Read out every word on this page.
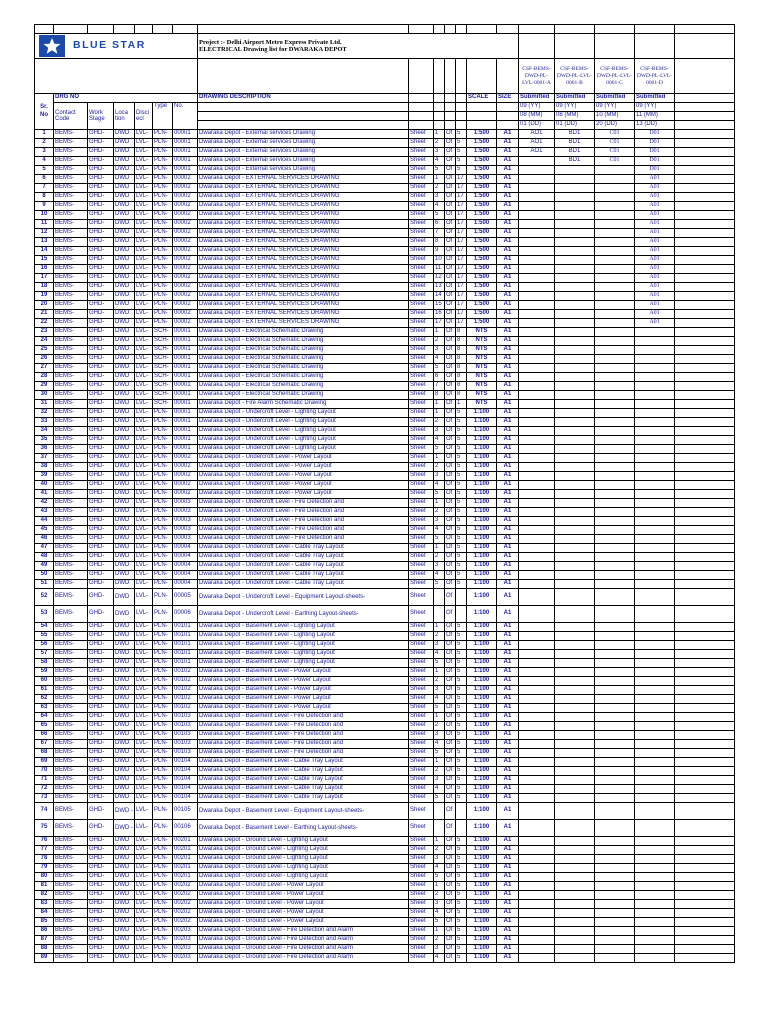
BLUE STAR							Project :- Delhi Airport Metro Express Private Ltd.
ELECTRICAL Drawing list for DWARAKA DEPOT											

														CSF-BEMS-DWD-PL-LVL-0001-A	CSF-BEMS-DWD-PL-LVL-0001-B	CSF-BEMS-DWD-PL-LVL-0001-C	CSF-BEMS-DWD-PL-LVL-0001-D	
Sr. No	DRG NO						DRAWING DESCRIPTION					SCALE	SIZE	Submitted	Submitted	Submitted	Submitted	
	Contact Code	Work Stage	Loca tion	Disci ecl	Type	No.								09 (YY)	09 (YY)	09 (YY)	09 (YY)	
														08 (MM)	08 (MM)	10 (MM)	11 (MM)	
														01 (DD)	01 (DD)	20 (DD)	13 (DD)	
1	BEMS-	GHD-	DWD	LVL-	PLN-	00001	Dwaraka Depot - External services Drawing	Sheet	1	Of	5	1:500	A1	AO1	BD1	C01	D01	
2	BEMS-	GHD-	DWD	LVL-	PLN-	00001	Dwaraka Depot - External services Drawing	Sheet	2	Of	5	1:500	A1	AO1	BD1	C01	D01	
3	BEMS-	GHD-	DWD	LVL-	PLN-	00001	Dwaraka Depot - External services Drawing	Sheet	3	Of	5	1:500	A1	AO1	BD1	C01	D01	
4	BEMS-	GHD-	DWD	LVL-	PLN-	00001	Dwaraka Depot - External services Drawing	Sheet	4	Of	5	1:500	A1		BD1	C01	D01	
5	BEMS-	GHD-	DWD	LVL-	PLN-	00001	Dwaraka Depot - External services Drawing	Sheet	5	Of	5	1:500	A1				D01	
6	BEMS-	GHD-	DWD	LVL-	PLN-	00002	Dwaraka Depot - EXTERNAL SERVICES DRAWING	Sheet	1	Of	17	1:500	A1				A01	
7	BEMS-	GHD-	DWD	LVL-	PLN-	00002	Dwaraka Depot - EXTERNAL SERVICES DRAWING	Sheet	2	Of	17	1:500	A1				A01	
8	BEMS-	GHD-	DWD	LVL-	PLN-	00002	Dwaraka Depot - EXTERNAL SERVICES DRAWING	Sheet	3	Of	17	1:500	A1				A01	
9	BEMS-	GHD-	DWD	LVL-	PLN-	00002	Dwaraka Depot - EXTERNAL SERVICES DRAWING	Sheet	4	Of	17	1:500	A1				A01	
10	BEMS-	GHD-	DWD	LVL-	PLN-	00002	Dwaraka Depot - EXTERNAL SERVICES DRAWING	Sheet	5	Of	17	1:500	A1				A01	
11	BEMS-	GHD-	DWD	LVL-	PLN-	00002	Dwaraka Depot - EXTERNAL SERVICES DRAWING	Sheet	6	Of	17	1:500	A1				A01	
12	BEMS-	GHD-	DWD	LVL-	PLN-	00002	Dwaraka Depot - EXTERNAL SERVICES DRAWING	Sheet	7	Of	17	1:500	A1				A01	
13	BEMS-	GHD-	DWD	LVL-	PLN-	00002	Dwaraka Depot - EXTERNAL SERVICES DRAWING	Sheet	8	Of	17	1:500	A1				A01	
14	BEMS-	GHD-	DWD	LVL-	PLN-	00002	Dwaraka Depot - EXTERNAL SERVICES DRAWING	Sheet	9	Of	17	1:500	A1				A01	
15	BEMS-	GHD-	DWD	LVL-	PLN-	00002	Dwaraka Depot - EXTERNAL SERVICES DRAWING	Sheet	10	Of	17	1:500	A1				A01	
16	BEMS-	GHD-	DWD	LVL-	PLN-	00002	Dwaraka Depot - EXTERNAL SERVICES DRAWING	Sheet	11	Of	17	1:500	A1				A01	
17	BEMS-	GHD-	DWD	LVL-	PLN-	00002	Dwaraka Depot - EXTERNAL SERVICES DRAWING	Sheet	12	Of	17	1:500	A1				A01	
18	BEMS-	GHD-	DWD	LVL-	PLN-	00002	Dwaraka Depot - EXTERNAL SERVICES DRAWING	Sheet	13	Of	17	1:500	A1				A01	
19	BEMS-	GHD-	DWD	LVL-	PLN-	00002	Dwaraka Depot - EXTERNAL SERVICES DRAWING	Sheet	14	Of	17	1:500	A1				A01	
20	BEMS-	GHD-	DWD	LVL-	PLN-	00002	Dwaraka Depot - EXTERNAL SERVICES DRAWING	Sheet	15	Of	17	1:500	A1				A01	
21	BEMS-	GHD-	DWD	LVL-	PLN-	00002	Dwaraka Depot - EXTERNAL SERVICES DRAWING	Sheet	16	Of	17	1:500	A1				A01	
22	BEMS-	GHD-	DWD	LVL-	PLN-	00002	Dwaraka Depot - EXTERNAL SERVICES DRAWING	Sheet	17	Of	17	1:500	A1				A01	
23	BEMS-	GHD-	DWD	LVL-	SCH-	00001	Dwaraka Depot - Electrical Schematic Drawing	Sheet	1	Of	8	NTS	A1					
24	BEMS-	GHD-	DWD	LVL-	SCH-	00001	Dwaraka Depot - Electrical Schematic Drawing	Sheet	2	Of	8	NTS	A1					
25	BEMS-	GHD-	DWD	LVL-	SCH-	00001	Dwaraka Depot - Electrical Schematic Drawing	Sheet	3	Of	8	NTS	A1					
26	BEMS-	GHD-	DWD	LVL-	SCH-	00001	Dwaraka Depot - Electrical Schematic Drawing	Sheet	4	Of	8	NTS	A1					
27	BEMS-	GHD-	DWD	LVL-	SCH-	00001	Dwaraka Depot - Electrical Schematic Drawing	Sheet	5	Of	8	NTS	A1					
28	BEMS-	GHD-	DWD	LVL-	SCH-	00001	Dwaraka Depot - Electrical Schematic Drawing	Sheet	6	Of	8	NTS	A1					
29	BEMS-	GHD-	DWD	LVL-	SCH-	00001	Dwaraka Depot - Electrical Schematic Drawing	Sheet	7	Of	8	NTS	A1					
30	BEMS-	GHD-	DWD	LVL-	SCH-	00001	Dwaraka Depot - Electrical Schematic Drawing	Sheet	8	Of	8	NTS	A1					
31	BEMS-	GHD-	DWD	LVL-	SCH-	00001	Dwaraka Depot - Fire Alarm Schematic Drawing	Sheet	1	Of	1	NTS	A1					
32	BEMS-	GHD-	DWD	LVL-	PLN-	00001	Dwaraka Depot - Undercroft Level - Lighting Layout	Sheet	1	Of	5	1:100	A1					
33	BEMS-	GHD-	DWD	LVL-	PLN-	00001	Dwaraka Depot - Undercroft Level - Lighting Layout	Sheet	2	Of	5	1:100	A1					
34	BEMS-	GHD-	DWD	LVL-	PLN-	00001	Dwaraka Depot - Undercroft Level - Lighting Layout	Sheet	3	Of	5	1:100	A1					
35	BEMS-	GHD-	DWD	LVL-	PLN-	00001	Dwaraka Depot - Undercroft Level - Lighting Layout	Sheet	4	Of	5	1:100	A1					
36	BEMS-	GHD-	DWD	LVL-	PLN-	00001	Dwaraka Depot - Undercroft Level - Lighting Layout	Sheet	5	Of	5	1:100	A1					
37	BEMS-	GHD-	DWD	LVL-	PLN-	00002	Dwaraka Depot - Undercroft Level - Power Layout	Sheet	1	Of	5	1:100	A1					
38	BEMS-	GHD-	DWD	LVL-	PLN-	00002	Dwaraka Depot - Undercroft Level - Power Layout	Sheet	2	Of	5	1:100	A1					
39	BEMS-	GHD-	DWD	LVL-	PLN-	00002	Dwaraka Depot - Undercroft Level - Power Layout	Sheet	3	Of	5	1:100	A1					
40	BEMS-	GHD-	DWD	LVL-	PLN-	00002	Dwaraka Depot - Undercroft Level - Power Layout	Sheet	4	Of	5	1:100	A1					
41	BEMS-	GHD-	DWD	LVL-	PLN-	00002	Dwaraka Depot - Undercroft Level - Power Layout	Sheet	5	Of	5	1:100	A1					
42	BEMS-	GHD-	DWD	LVL-	PLN-	00003	Dwaraka Depot - Undercroft Level - Fire Detection and	Sheet	1	Of	5	1:100	A1					
43	BEMS-	GHD-	DWD	LVL-	PLN-	00003	Dwaraka Depot - Undercroft Level - Fire Detection and	Sheet	2	Of	5	1:100	A1					
44	BEMS-	GHD-	DWD	LVL-	PLN-	00003	Dwaraka Depot - Undercroft Level - Fire Detection and	Sheet	3	Of	5	1:100	A1					
45	BEMS-	GHD-	DWD	LVL-	PLN-	00003	Dwaraka Depot - Undercroft Level - Fire Detection and	Sheet	4	Of	5	1:100	A1					
46	BEMS-	GHD-	DWD	LVL-	PLN-	00003	Dwaraka Depot - Undercroft Level - Fire Detection and	Sheet	5	Of	5	1:100	A1					
47	BEMS-	GHD-	DWD	LVL-	PLN-	00004	Dwaraka Depot - Undercroft Level - Cable Tray Layout	Sheet	1	Of	5	1:100	A1					
48	BEMS-	GHD-	DWD	LVL-	PLN-	00004	Dwaraka Depot - Undercroft Level - Cable Tray Layout	Sheet	2	Of	5	1:100	A1					
49	BEMS-	GHD-	DWD	LVL-	PLN-	00004	Dwaraka Depot - Undercroft Level - Cable Tray Layout	Sheet	3	Of	5	1:100	A1					
50	BEMS-	GHD-	DWD	LVL-	PLN-	00004	Dwaraka Depot - Undercroft Level - Cable Tray Layout	Sheet	4	Of	5	1:100	A1					
51	BEMS-	GHD-	DWD	LVL-	PLN-	00004	Dwaraka Depot - Undercroft Level - Cable Tray Layout	Sheet	5	Of	5	1:100	A1					
52	BEMS-	GHD-	DWD	LVL-	PLN-	00005	Dwaraka Depot - Undercroft Level - Equipment Layout-sheets-	Sheet		Of		1:100	A1					
53	BEMS-	GHD-	DWD	LVL-	PLN-	00006	Dwaraka Depot - Undercroft Level - Earthing Layout-sheets-	Sheet		Of		1:100	A1					
54	BEMS-	GHD-	DWD	LVL-	PLN-	00101	Dwaraka Depot - Basement Level - Lighting Layout	Sheet	1	Of	5	1:100	A1					
55	BEMS-	GHD-	DWD	LVL-	PLN-	00101	Dwaraka Depot - Basement Level - Lighting Layout	Sheet	2	Of	5	1:100	A1					
56	BEMS-	GHD-	DWD	LVL-	PLN-	00101	Dwaraka Depot - Basement Level - Lighting Layout	Sheet	3	Of	5	1:100	A1					
57	BEMS-	GHD-	DWD	LVL-	PLN-	00101	Dwaraka Depot - Basement Level - Lighting Layout	Sheet	4	Of	5	1:100	A1					
58	BEMS-	GHD-	DWD	LVL-	PLN-	00101	Dwaraka Depot - Basement Level - Lighting Layout	Sheet	5	Of	5	1:100	A1					
59	BEMS-	GHD-	DWD	LVL-	PLN-	00102	Dwaraka Depot - Basement Level - Power Layout	Sheet	1	Of	5	1:100	A1					
60	BEMS-	GHD-	DWD	LVL-	PLN-	00102	Dwaraka Depot - Basement Level - Power Layout	Sheet	2	Of	5	1:100	A1					
61	BEMS-	GHD-	DWD	LVL-	PLN-	00102	Dwaraka Depot - Basement Level - Power Layout	Sheet	3	Of	5	1:100	A1					
62	BEMS-	GHD-	DWD	LVL-	PLN-	00102	Dwaraka Depot - Basement Level - Power Layout	Sheet	4	Of	5	1:100	A1					
63	BEMS-	GHD-	DWD	LVL-	PLN-	00102	Dwaraka Depot - Basement Level - Power Layout	Sheet	5	Of	5	1:100	A1					
64	BEMS-	GHD-	DWD	LVL-	PLN-	00103	Dwaraka Depot - Basement Level - Fire Detection and	Sheet	1	Of	5	1:100	A1					
65	BEMS-	GHD-	DWD	LVL-	PLN-	00103	Dwaraka Depot - Basement Level - Fire Detection and	Sheet	2	Of	5	1:100	A1					
66	BEMS-	GHD-	DWD	LVL-	PLN-	00103	Dwaraka Depot - Basement Level - Fire Detection and	Sheet	3	Of	5	1:100	A1					
67	BEMS-	GHD-	DWD	LVL-	PLN-	00103	Dwaraka Depot - Basement Level - Fire Detection and	Sheet	4	Of	5	1:100	A1					
68	BEMS-	GHD-	DWD	LVL-	PLN-	00103	Dwaraka Depot - Basement Level - Fire Detection and	Sheet	5	Of	5	1:100	A1					
69	BEMS-	GHD-	DWD	LVL-	PLN-	00104	Dwaraka Depot - Basement Level - Cable Tray Layout	Sheet	1	Of	5	1:100	A1					
70	BEMS-	GHD-	DWD	LVL-	PLN-	00104	Dwaraka Depot - Basement Level - Cable Tray Layout	Sheet	2	Of	5	1:100	A1					
71	BEMS-	GHD-	DWD	LVL-	PLN-	00104	Dwaraka Depot - Basement Level - Cable Tray Layout	Sheet	3	Of	5	1:100	A1					
72	BEMS-	GHD-	DWD	LVL-	PLN-	00104	Dwaraka Depot - Basement Level - Cable Tray Layout	Sheet	4	Of	5	1:100	A1					
73	BEMS-	GHD-	DWD	LVL-	PLN-	00104	Dwaraka Depot - Basement Level - Cable Tray Layout	Sheet	5	Of	5	1:100	A1					
74	BEMS-	GHD-	DWD -	LVL-	PLN-	00105	Dwaraka Depot - Basement Level - Equipment Layout-sheets-	Sheet		Of		1:100	A1					
75	BEMS-	GHD-	DWD -	LVL-	PLN-	00106	Dwaraka Depot - Basement Level - Earthing Layout-sheets-	Sheet		Of		1:100	A1					
76	BEMS-	GHD-	DWD	LVL-	PLN-	00201	Dwaraka Depot - Ground Level - Lighting Layout	Sheet	1	Of	5	1:100	A1					
77	BEMS-	GHD-	DWD	LVL-	PLN-	00201	Dwaraka Depot - Ground Level - Lighting Layout	Sheet	2	Of	5	1:100	A1					
78	BEMS-	GHD-	DWD	LVL-	PLN-	00201	Dwaraka Depot - Ground Level - Lighting Layout	Sheet	3	Of	5	1:100	A1					
79	BEMS-	GHD-	DWD	LVL-	PLN-	00201	Dwaraka Depot - Ground Level - Lighting Layout	Sheet	4	Of	5	1:100	A1					
80	BEMS-	GHD-	DWD	LVL-	PLN-	00201	Dwaraka Depot - Ground Level - Lighting Layout	Sheet	5	Of	5	1:100	A1					
81	BEMS-	GHD-	DWD	LVL-	PLN-	00202	Dwaraka Depot - Ground Level - Power Layout	Sheet	1	Of	5	1:100	A1					
82	BEMS-	GHD-	DWD	LVL-	PLN-	00202	Dwaraka Depot - Ground Level - Power Layout	Sheet	2	Of	5	1:100	A1					
83	BEMS-	GHD-	DWD	LVL-	PLN-	00202	Dwaraka Depot - Ground Level - Power Layout	Sheet	3	Of	5	1:100	A1					
84	BEMS-	GHD-	DWD	LVL-	PLN-	00202	Dwaraka Depot - Ground Level - Power Layout	Sheet	4	Of	5	1:100	A1					
85	BEMS-	GHD-	DWD	LVL-	PLN-	00202	Dwaraka Depot - Ground Level - Power Layout	Sheet	5	Of	5	1:100	A1					
86	BEMS-	GHD-	DWD	LVL-	PLN-	00203	Dwaraka Depot - Ground Level - Fire Detection and Alarm	Sheet	1	Of	5	1:100	A1					
87	BEMS-	GHD-	DWD	LVL-	PLN-	00203	Dwaraka Depot - Ground Level - Fire Detection and Alarm	Sheet	2	Of	5	1:100	A1					
88	BEMS-	GHD-	DWD	LVL-	PLN-	00203	Dwaraka Depot - Ground Level - Fire Detection and Alarm	Sheet	3	Of	5	1:100	A1					
89	BEMS-	GHD-	DWD	LVL-	PLN-	00203	Dwaraka Depot - Ground Level - Fire Detection and Alarm	Sheet	4	Of	5	1:100	A1					
